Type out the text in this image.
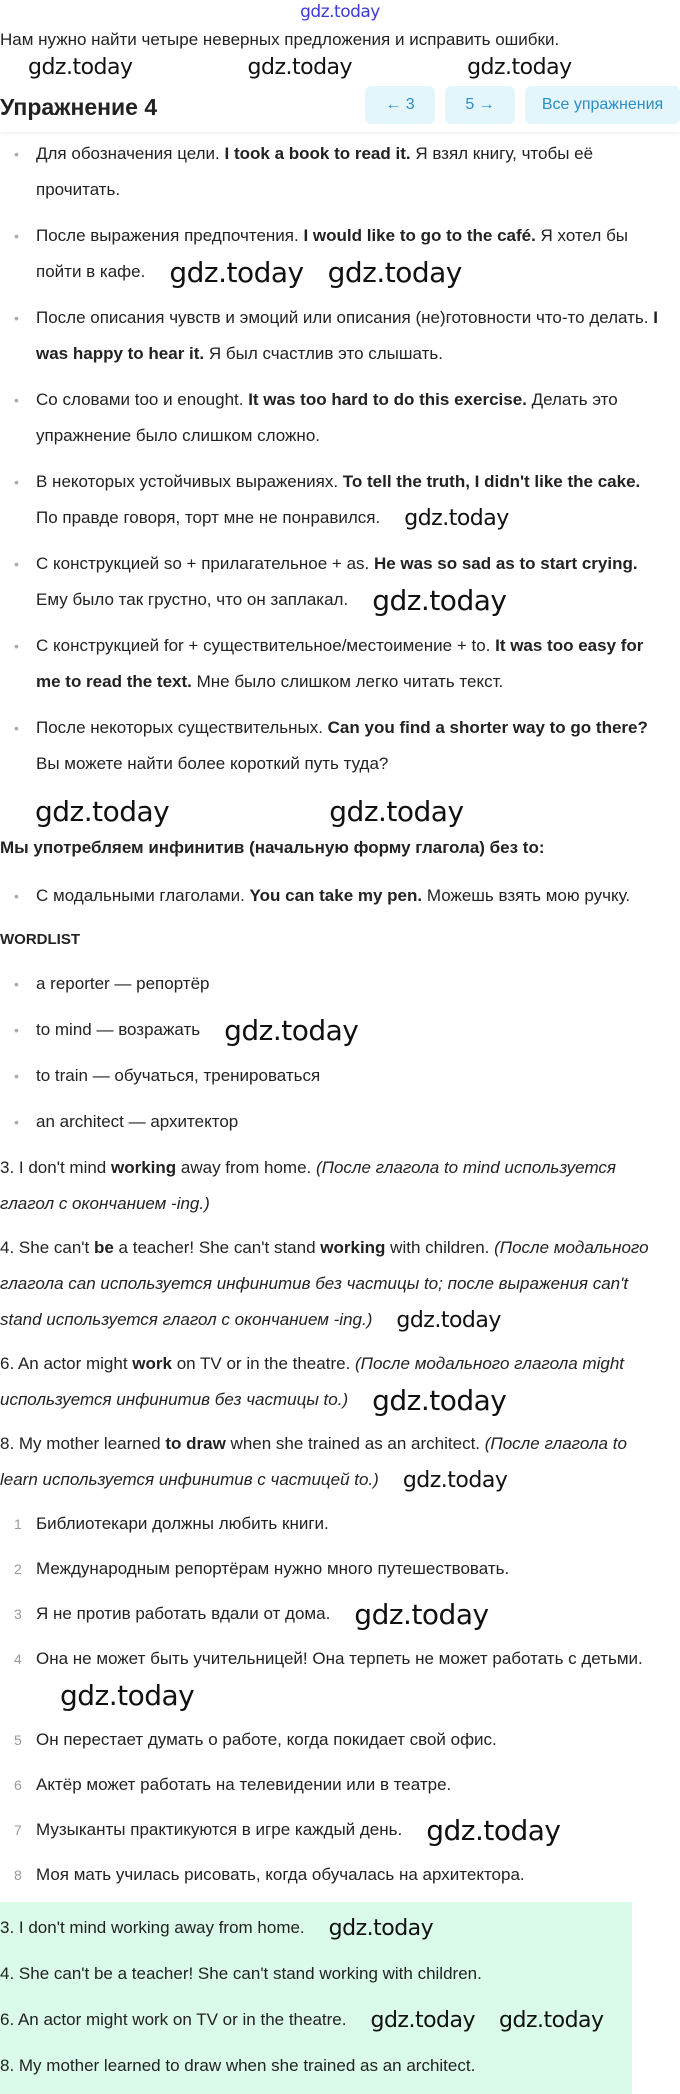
gdz.today
Нам нужно найти четыре неверных предложения и исправить ошибки.
gdz.today	gdz.today	gdz.today
Упражнение 4	← 3	5 →	Все упражнения
• Для обозначения цели. I took a book to read it. Я взял книгу, чтобы её прочитать.
• После выражения предпочтения. I would like to go to the café. Я хотел бы пойти в кафе. gdz.today gdz.today
• После описания чувств и эмоций или описания (не)готовности что-то делать. I was happy to hear it. Я был счастлив это слышать.
• Со словами too и enought. It was too hard to do this exercise. Делать это упражнение было слишком сложно.
• В некоторых устойчивых выражениях. To tell the truth, I didn't like the cake. По правде говоря, торт мне не понравился. gdz.today
• С конструкцией so + прилагательное + as. He was so sad as to start crying. Ему было так грустно, что он заплакал. gdz.today
• С конструкцией for + существительное/местоимение + to. It was too easy for me to read the text. Мне было слишком легко читать текст.
• После некоторых существительных. Can you find a shorter way to go there? Вы можете найти более короткий путь туда?
gdz.today	gdz.today
Мы употребляем инфинитив (начальную форму глагола) без to:
• С модальными глаголами. You can take my pen. Можешь взять мою ручку.
WORDLIST
• a reporter — репортёр
• to mind — возражать gdz.today
• to train — обучаться, тренироваться
• an architect — архитектор

3. I don't mind working away from home. (После глагола to mind используется глагол с окончанием -ing.)

4. She can't be a teacher! She can't stand working with children. (После модального глагола can используется инфинитив без частицы to; после выражения can't stand используется глагол с окончанием -ing.) gdz.today

6. An actor might work on TV or in the theatre. (После модального глагола might используется инфинитив без частицы to.) gdz.today

8. My mother learned to draw when she trained as an architect. (После глагола to learn используется инфинитив с частицей to.) gdz.today

1 Библиотекари должны любить книги.
2 Международным репортёрам нужно много путешествовать.
3 Я не против работать вдали от дома. gdz.today
4 Она не может быть учительницей! Она терпеть не может работать с детьми.gdz.today
5 Он перестает думать о работе, когда покидает свой офис.
6 Актёр может работать на телевидении или в театре.
7 Музыканты практикуются в игре каждый день. gdz.today
8 Моя мать училась рисовать, когда обучалась на архитектора.

3. I don't mind working away from home. gdz.today

4. She can't be a teacher! She can't stand working with children.

6. An actor might work on TV or in the theatre. gdz.today gdz.today

8. My mother learned to draw when she trained as an architect.
